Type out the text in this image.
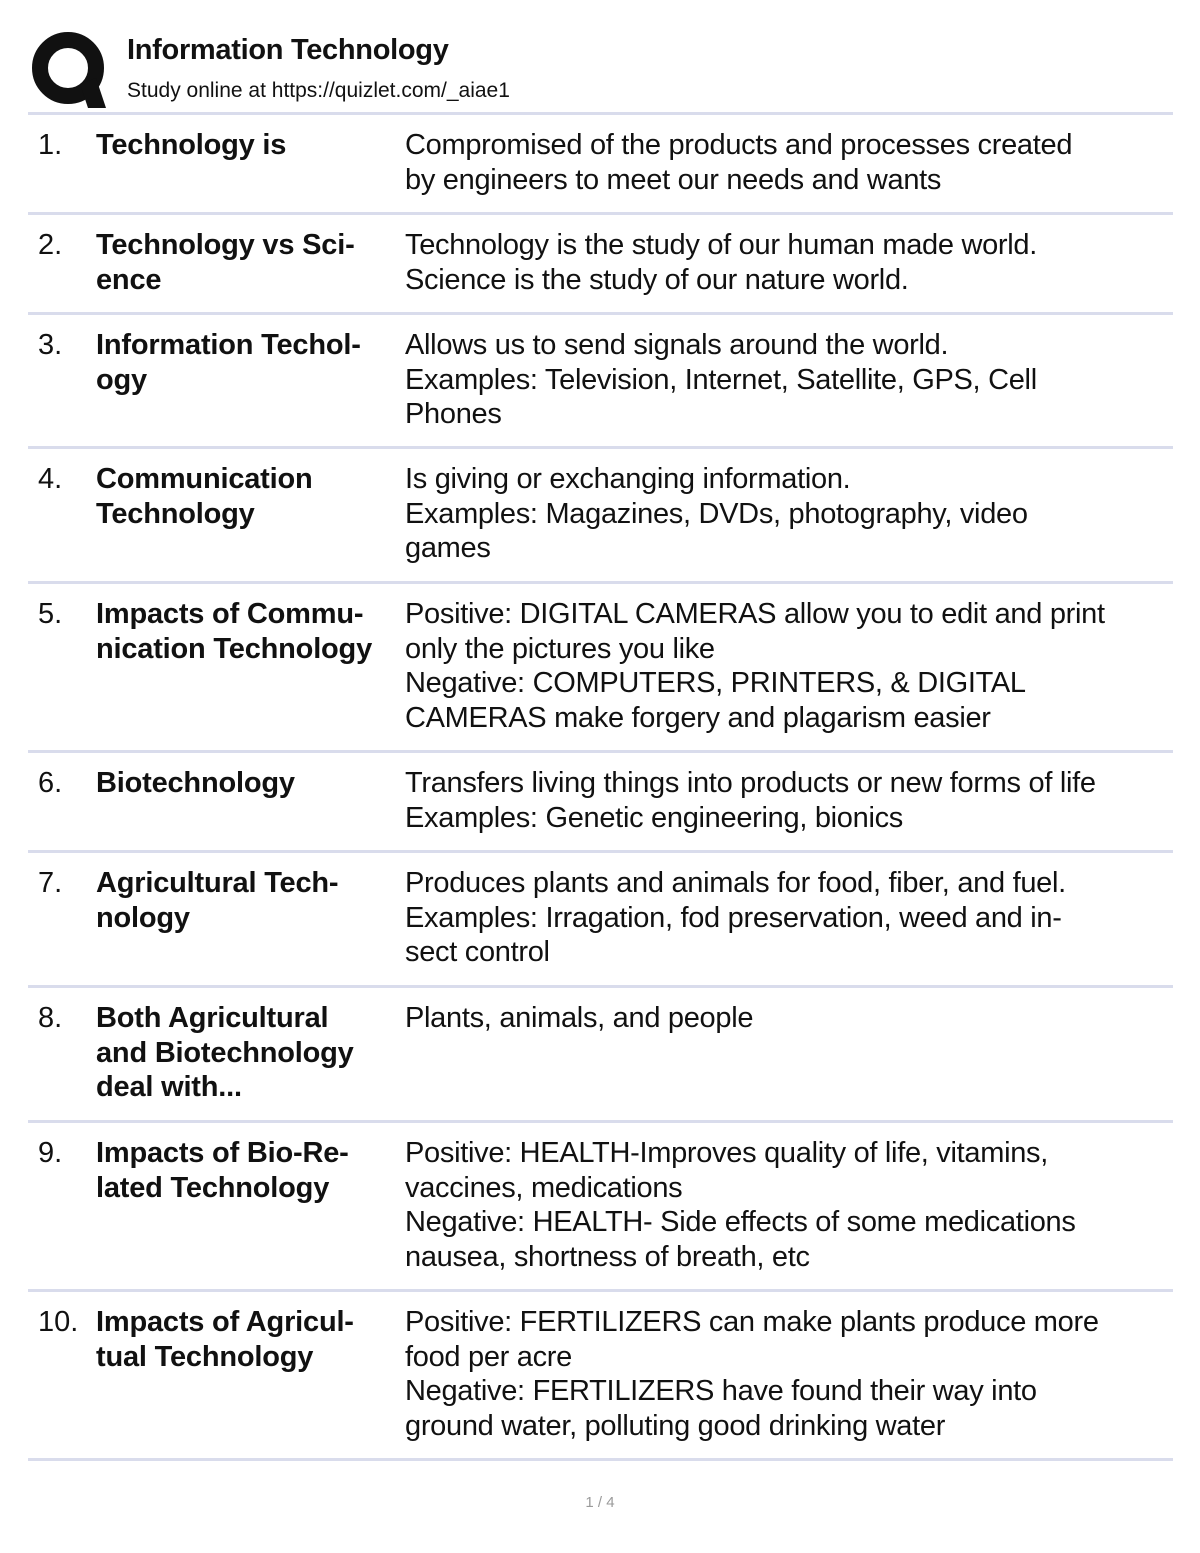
Information Technology
Study online at https://quizlet.com/_aiae1
1. Technology is	Compromised of the products and processes created
by engineers to meet our needs and wants
2. Technology vs Sci-
ence
Technology is the study of our human made world.
Science is the study of our nature world.
3. Information Techol-
ogy
Allows us to send signals around the world.
Examples: Television, Internet, Satellite, GPS, Cell
Phones
4. Communication
Technology
Is giving or exchanging information.
Examples: Magazines, DVDs, photography, video
games
5. Impacts of Commu-
nication Technology
Positive: DIGITAL CAMERAS allow you to edit and print
only the pictures you like
Negative: COMPUTERS, PRINTERS, & DIGITAL
CAMERAS make forgery and plagarism easier
6. Biotechnology	Transfers living things into products or new forms of life
Examples: Genetic engineering, bionics
7. Agricultural Tech-
nology
Produces plants and animals for food, fiber, and fuel.
Examples: Irragation, fod preservation, weed and in-
sect control
8. Both Agricultural
and Biotechnology
deal with...
Plants, animals, and people
9. Impacts of Bio-Re-
lated Technology
Positive: HEALTH-Improves quality of life, vitamins,
vaccines, medications
Negative: HEALTH- Side effects of some medications
nausea, shortness of breath, etc
10. Impacts of Agricul-
tual Technology
Positive: FERTILIZERS can make plants produce more
food per acre
Negative: FERTILIZERS have found their way into
ground water, polluting good drinking water
1 / 4
